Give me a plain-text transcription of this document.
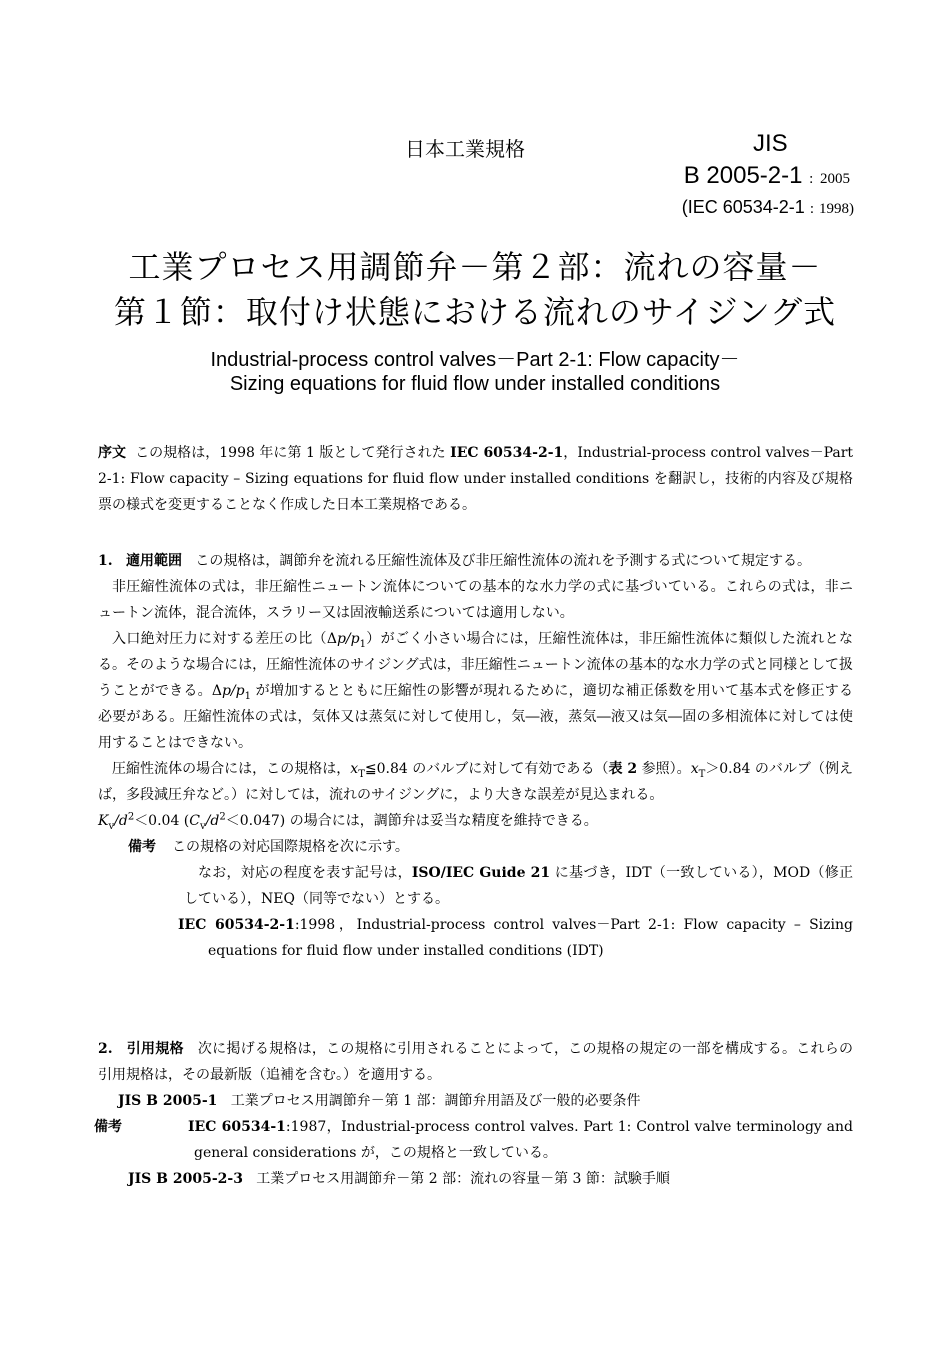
日本工業規格	JIS
B 2005-2-1 : 2005
(IEC 60534-2-1 : 1998)
工業プロセス用調節弁－第２部：流れの容量－
第１節：取付け状態における流れのサイジング式
Industrial-process control valves－Part 2-1: Flow capacity－
Sizing equations for fluid flow under installed conditions

序文 この規格は，1998 年に第 1 版として発行された IEC 60534-2-1，Industrial-process control valves－Part 2-1: Flow capacity – Sizing equations for fluid flow under installed conditions を翻訳し，技術的内容及び規格票の様式を変更することなく作成した日本工業規格である。

1. 適用範囲 この規格は，調節弁を流れる圧縮性流体及び非圧縮性流体の流れを予測する式について規定する。

非圧縮性流体の式は，非圧縮性ニュートン流体についての基本的な水力学の式に基づいている。これらの式は，非ニュートン流体，混合流体，スラリー又は固液輸送系については適用しない。

入口絶対圧力に対する差圧の比$(\Delta p/p_1)$がごく小さい場合には，圧縮性流体は，非圧縮性流体に類似した流れとなる。そのような場合には，圧縮性流体のサイジング式は，非圧縮性ニュートン流体の基本的な水力学の式と同様として扱うことができる。$\Delta p/p_1$ が増加するとともに圧縮性の影響が現れるために，適切な補正係数を用いて基本式を修正する必要がある。圧縮性流体の式は，気体又は蒸気に対して使用し，気―液，蒸気―液又は気―固の多相流体に対しては使用することはできない。

圧縮性流体の場合には，この規格は，$x_T≦0.84$ のバルブに対して有効である（表 2 参照）。$x_T>0.84$ のバルブ（例えば，多段減圧弁など。）に対しては，流れのサイジングに，より大きな誤差が見込まれる。

$K_v/d^2<0.04$ $(C_v/d^2<0.047)$ の場合には，調節弁は妥当な精度を維持できる。

備考 この規格の対応国際規格を次に示す。

なお，対応の程度を表す記号は，ISO/IEC Guide 21 に基づき，IDT（一致している），MOD（修正している），NEQ（同等でない）とする。

IEC 60534-2-1:1998，Industrial-process control valves－Part 2-1: Flow capacity – Sizing equations for fluid flow under installed conditions (IDT)

2. 引用規格 次に掲げる規格は，この規格に引用されることによって，この規格の規定の一部を構成する。これらの引用規格は，その最新版（追補を含む。）を適用する。

JIS B 2005-1 工業プロセス用調節弁－第 1 部：調節弁用語及び一般的必要条件

備考	IEC 60534-1:1987，Industrial-process control valves. Part 1: Control valve terminology and general considerations が，この規格と一致している。

JIS B 2005-2-3 工業プロセス用調節弁－第 2 部：流れの容量－第 3 節：試験手順
